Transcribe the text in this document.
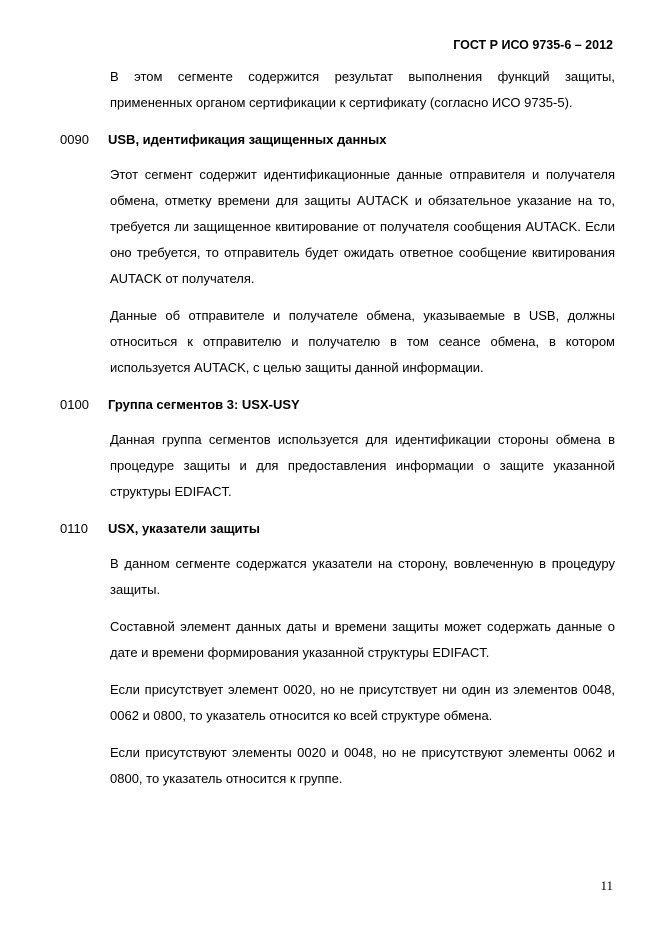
ГОСТ Р ИСО 9735-6 – 2012

В этом сегменте содержится результат выполнения функций защиты, примененных органом сертификации к сертификату (согласно ИСО 9735-5).

0090	USB, идентификация защищенных данных

Этот сегмент содержит идентификационные данные отправителя и получателя обмена, отметку времени для защиты AUTACK и обязательное указание на то, требуется ли защищенное квитирование от получателя сообщения AUTACK. Если оно требуется, то отправитель будет ожидать ответное сообщение квитирования AUTACK от получателя.

Данные об отправителе и получателе обмена, указываемые в USB, должны относиться к отправителю и получателю в том сеансе обмена, в котором используется AUTACK, с целью защиты данной информации.

0100	Группа сегментов 3: USX-USY

Данная группа сегментов используется для идентификации стороны обмена в процедуре защиты и для предоставления информации о защите указанной структуры EDIFACT.

0110	USX, указатели защиты

В данном сегменте содержатся указатели на сторону, вовлеченную в процедуру защиты.

Составной элемент данных даты и времени защиты может содержать данные о дате и времени формирования указанной структуры EDIFACT.

Если присутствует элемент 0020, но не присутствует ни один из элементов 0048, 0062 и 0800, то указатель относится ко всей структуре обмена.

Если присутствуют элементы 0020 и 0048, но не присутствуют элементы 0062 и 0800, то указатель относится к группе.

11
